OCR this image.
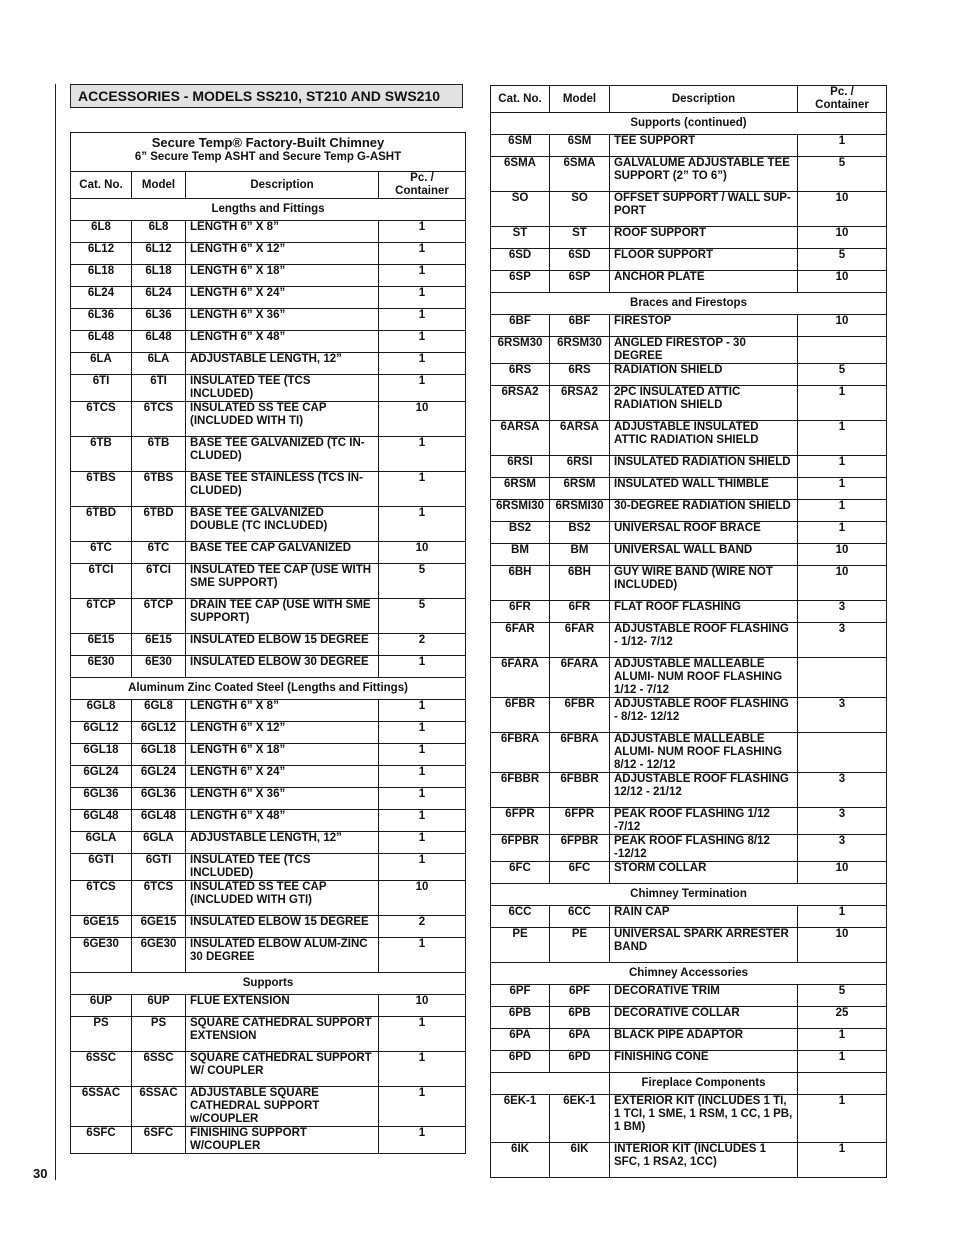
ACCESSORIES - MODELS SS210, ST210 AND SWS210
Secure Temp® Factory-Built Chimney
6” Secure Temp ASHT and Secure Temp G-ASHT			

Cat. No.	Model	Description	Pc. / Container
Lengths and Fittings			
6L8	6L8	LENGTH 6” X 8”	1
6L12	6L12	LENGTH 6” X 12”	1
6L18	6L18	LENGTH 6” X 18”	1
6L24	6L24	LENGTH 6” X 24”	1
6L36	6L36	LENGTH 6” X 36”	1
6L48	6L48	LENGTH 6” X 48”	1
6LA	6LA	ADJUSTABLE LENGTH, 12”	1
6TI	6TI	INSULATED TEE (TCS INCLUDED)	1
6TCS	6TCS	INSULATED SS TEE CAP (INCLUDED WITH TI)	10
6TB	6TB	BASE TEE GALVANIZED (TC IN- CLUDED)	1
6TBS	6TBS	BASE TEE STAINLESS (TCS IN- CLUDED)	1
6TBD	6TBD	BASE TEE GALVANIZED DOUBLE (TC INCLUDED)	1
6TC	6TC	BASE TEE CAP GALVANIZED	10
6TCI	6TCI	INSULATED TEE CAP (USE WITH SME SUPPORT)	5
6TCP	6TCP	DRAIN TEE CAP (USE WITH SME SUPPORT)	5
6E15	6E15	INSULATED ELBOW 15 DEGREE	2
6E30	6E30	INSULATED ELBOW 30 DEGREE	1
Aluminum Zinc Coated Steel (Lengths and Fittings)			
6GL8	6GL8	LENGTH 6” X 8”	1
6GL12	6GL12	LENGTH 6” X 12”	1
6GL18	6GL18	LENGTH 6” X 18”	1
6GL24	6GL24	LENGTH 6” X 24”	1
6GL36	6GL36	LENGTH 6” X 36”	1
6GL48	6GL48	LENGTH 6” X 48”	1
6GLA	6GLA	ADJUSTABLE LENGTH, 12”	1
6GTI	6GTI	INSULATED TEE (TCS INCLUDED)	1
6TCS	6TCS	INSULATED SS TEE CAP (INCLUDED WITH GTI)	10
6GE15	6GE15	INSULATED ELBOW 15 DEGREE	2
6GE30	6GE30	INSULATED ELBOW ALUM-ZINC 30 DEGREE	1
Supports			
6UP	6UP	FLUE EXTENSION	10
PS	PS	SQUARE CATHEDRAL SUPPORT EXTENSION	1
6SSC	6SSC	SQUARE CATHEDRAL SUPPORT W/ COUPLER	1
6SSAC	6SSAC	ADJUSTABLE SQUARE CATHEDRAL SUPPORT w/COUPLER	1
6SFC	6SFC	FINISHING SUPPORT W/COUPLER	1
Cat. No.	Model	Description	Pc. / Container
Supports (continued)			
6SM	6SM	TEE SUPPORT	1
6SMA	6SMA	GALVALUME ADJUSTABLE TEE SUPPORT (2” TO 6”)	5
SO	SO	OFFSET SUPPORT / WALL SUP- PORT	10
ST	ST	ROOF SUPPORT	10
6SD	6SD	FLOOR SUPPORT	5
6SP	6SP	ANCHOR PLATE	10
Braces and Firestops			
6BF	6BF	FIRESTOP	10
6RSM30	6RSM30	ANGLED FIRESTOP - 30 DEGREE	
6RS	6RS	RADIATION SHIELD	5
6RSA2	6RSA2	2PC INSULATED ATTIC RADIATION SHIELD	1
6ARSA	6ARSA	ADJUSTABLE INSULATED ATTIC RADIATION SHIELD	1
6RSI	6RSI	INSULATED RADIATION SHIELD	1
6RSM	6RSM	INSULATED WALL THIMBLE	1
6RSMI30	6RSMI30	30-DEGREE RADIATION SHIELD	1
BS2	BS2	UNIVERSAL ROOF BRACE	1
BM	BM	UNIVERSAL WALL BAND	10
6BH	6BH	GUY WIRE BAND (WIRE NOT INCLUDED)	10
6FR	6FR	FLAT ROOF FLASHING	3
6FAR	6FAR	ADJUSTABLE ROOF FLASHING - 1/12- 7/12	3
6FARA	6FARA	ADJUSTABLE MALLEABLE ALUMI- NUM ROOF FLASHING 1/12 - 7/12	
6FBR	6FBR	ADJUSTABLE ROOF FLASHING - 8/12- 12/12	3
6FBRA	6FBRA	ADJUSTABLE MALLEABLE ALUMI- NUM ROOF FLASHING 8/12 - 12/12	
6FBBR	6FBBR	ADJUSTABLE ROOF FLASHING 12/12 - 21/12	3
6FPR	6FPR	PEAK ROOF FLASHING 1/12 -7/12	3
6FPBR	6FPBR	PEAK ROOF FLASHING 8/12 -12/12	3
6FC	6FC	STORM COLLAR	10
Chimney Termination			
6CC	6CC	RAIN CAP	1
PE	PE	UNIVERSAL SPARK ARRESTER BAND	10
Chimney Accessories			
6PF	6PF	DECORATIVE TRIM	5
6PB	6PB	DECORATIVE COLLAR	25
6PA	6PA	BLACK PIPE ADAPTOR	1
6PD	6PD	FINISHING CONE	1
		Fireplace Components	
6EK-1	6EK-1	EXTERIOR KIT (INCLUDES 1 TI, 1 TCI, 1 SME, 1 RSM, 1 CC, 1 PB, 1 BM)	1
6IK	6IK	INTERIOR KIT (INCLUDES 1 SFC, 1 RSA2, 1CC)	1
30
